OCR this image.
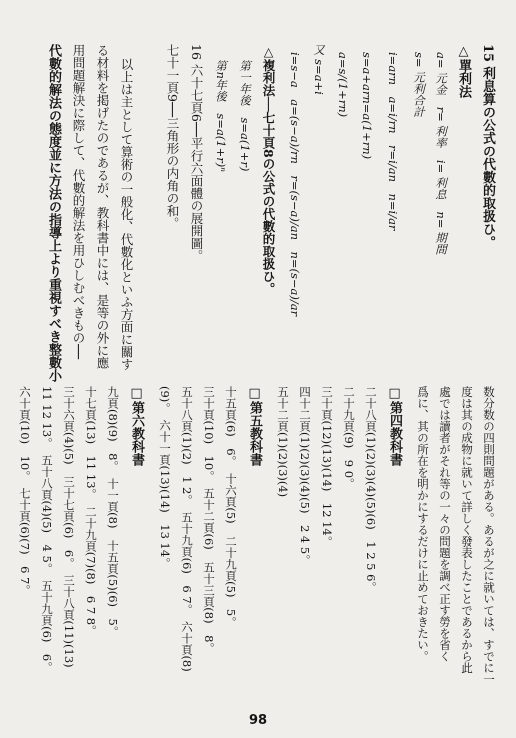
数分数の四則問題がある。あるが之に就いては、すでに一
度は其の成物に就いて詳しく發表したことであるから此
處では讀者がそれ等の一々の問題を調べ正す勞を省く
爲に、其の所在を明かにするだけに止めておきたい。
□第四教科書
二十八頁(1)(2)(3)(4)(5)(6)　1 2 5 6。
二十九頁(9)　9 0。
三十頁(12)(13)(14)　12 14。
四十二頁(1)(2)(3)(4)(5)　2 4 5。
五十二頁(1)(2)(3)(4)
□第五教科書
十五頁(6)　6。　十六頁(5)　二十九頁(5)　5。
三十頁(10)　10。　五十二頁(6)　五十三頁(8)　8。
五十八頁(1)(2)　1 2。　五十九頁(6)　6 7。　六十頁(8)
(9)。　六十一頁(13)(14)　13 14。
□第六教科書
九頁(8)(9)　8。　十一頁(8)　十五頁(5)(6)　5。
十七頁(13)　11 13。　二十九頁(7)(8)　6 7 8。
三十六頁(4)(5)　三十七頁(6)　6。　三十八頁(11)(13)
11 12 13。　五十八頁(4)(5)　4 5。　五十九頁(6)　6。
六十頁(10)　10。　七十頁(6)(7)　6 7。
15 利息算の公式の代數的取扱ひ。
△單利法
a= 元金　r= 利率　i= 利息　n= 期間
s= 元利合計
i=arn　a=i/rn　r=i/an　n=i/ar
s=a+arn=a(1+rn)
a=s/(1+rn)
又 s=a+i
i=s−a　a=(s−a)/rn　r=(s−a)/an　n=(s−a)/ar
△複利法──七十頁8の公式の代數的取扱ひ。
第一年後　s=a(1+r)
第n年後　s=a(1+r)ⁿ
16 六十七頁6──平行六面體の展開圖。
七十一頁9──三角形の内角の和。
以上は主として算術の一般化、代數化といふ方面に關す
る材料を掲げたのであるが、教科書中には、是等の外に應
用問題解決に際して、代數的解法を用ひしむべきもの──
代數的解法の態度並に方法の指導上より重視すべき整數小
98
